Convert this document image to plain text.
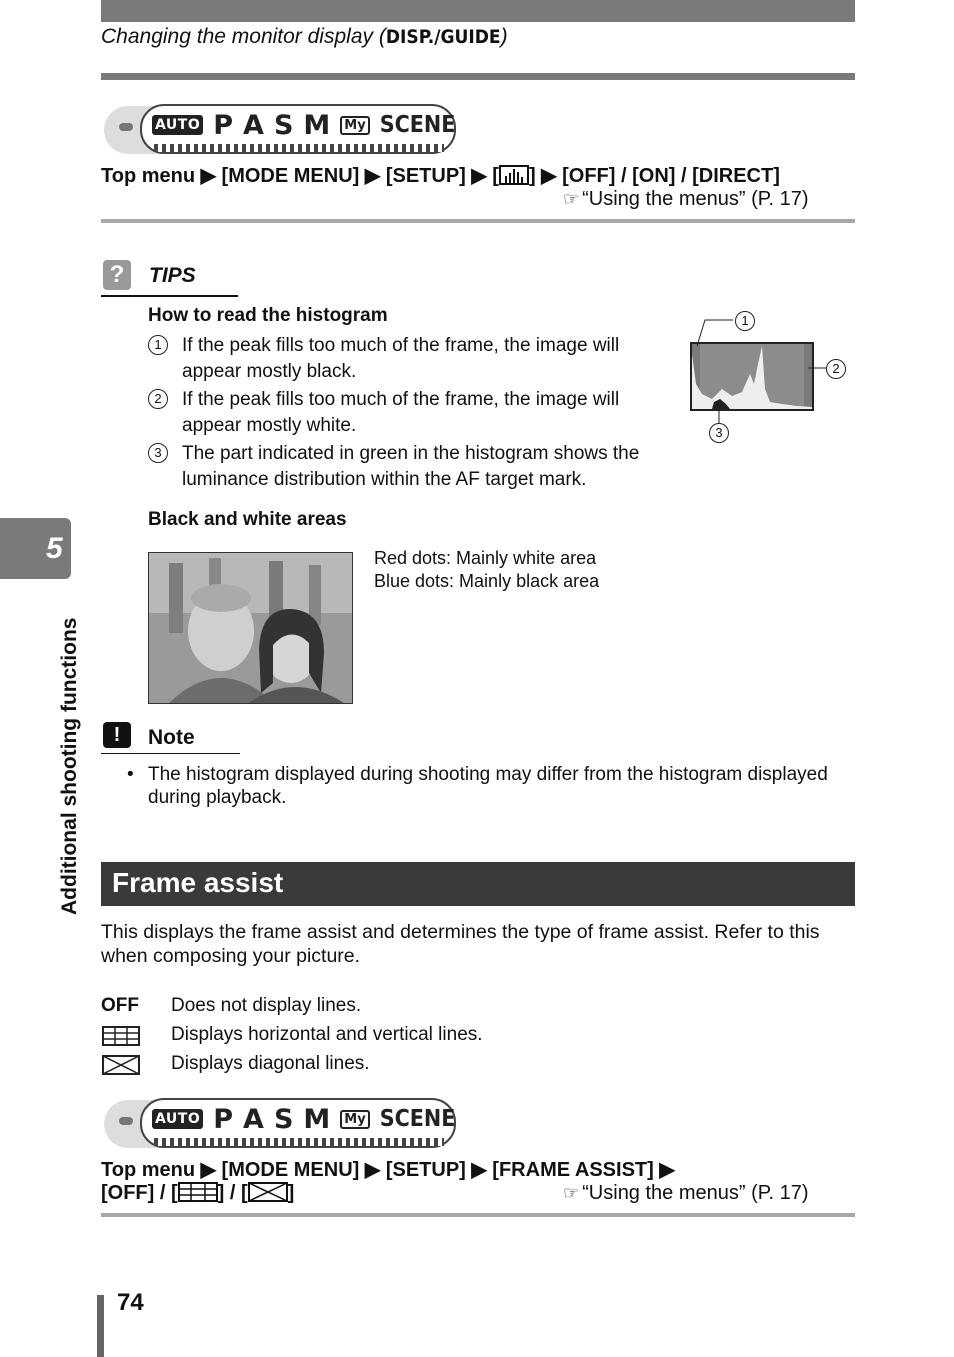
Changing the monitor display (DISP./GUIDE)
AUTO P A S M	My SCENE
Top menu ▶ [MODE MENU] ▶ [SETUP] ▶ [ ] ▶ [OFF] / [ON] / [DIRECT]
☞ “Using the menus” (P. 17)
?	TIPS
How to read the histogram
1	If the peak fills too much of the frame, the image will appear mostly black.
2	If the peak fills too much of the frame, the image will appear mostly white.
3	The part indicated in green in the histogram shows the luminance distribution within the AF target mark.
1
2
3
Black and white areas
Red dots: Mainly white area
Blue dots: Mainly black area
!	Note
• The histogram displayed during shooting may differ from the histogram displayed during playback.
Frame assist
This displays the frame assist and determines the type of frame assist. Refer to this when composing your picture.
OFF Does not display lines.
Displays horizontal and vertical lines.
Displays diagonal lines.
AUTO P A S M	My SCENE
Top menu ▶ [MODE MENU] ▶ [SETUP] ▶ [FRAME ASSIST] ▶
[OFF] / [ ] / [ ]	☞ “Using the menus” (P. 17)
5
Additional shooting functions
74
